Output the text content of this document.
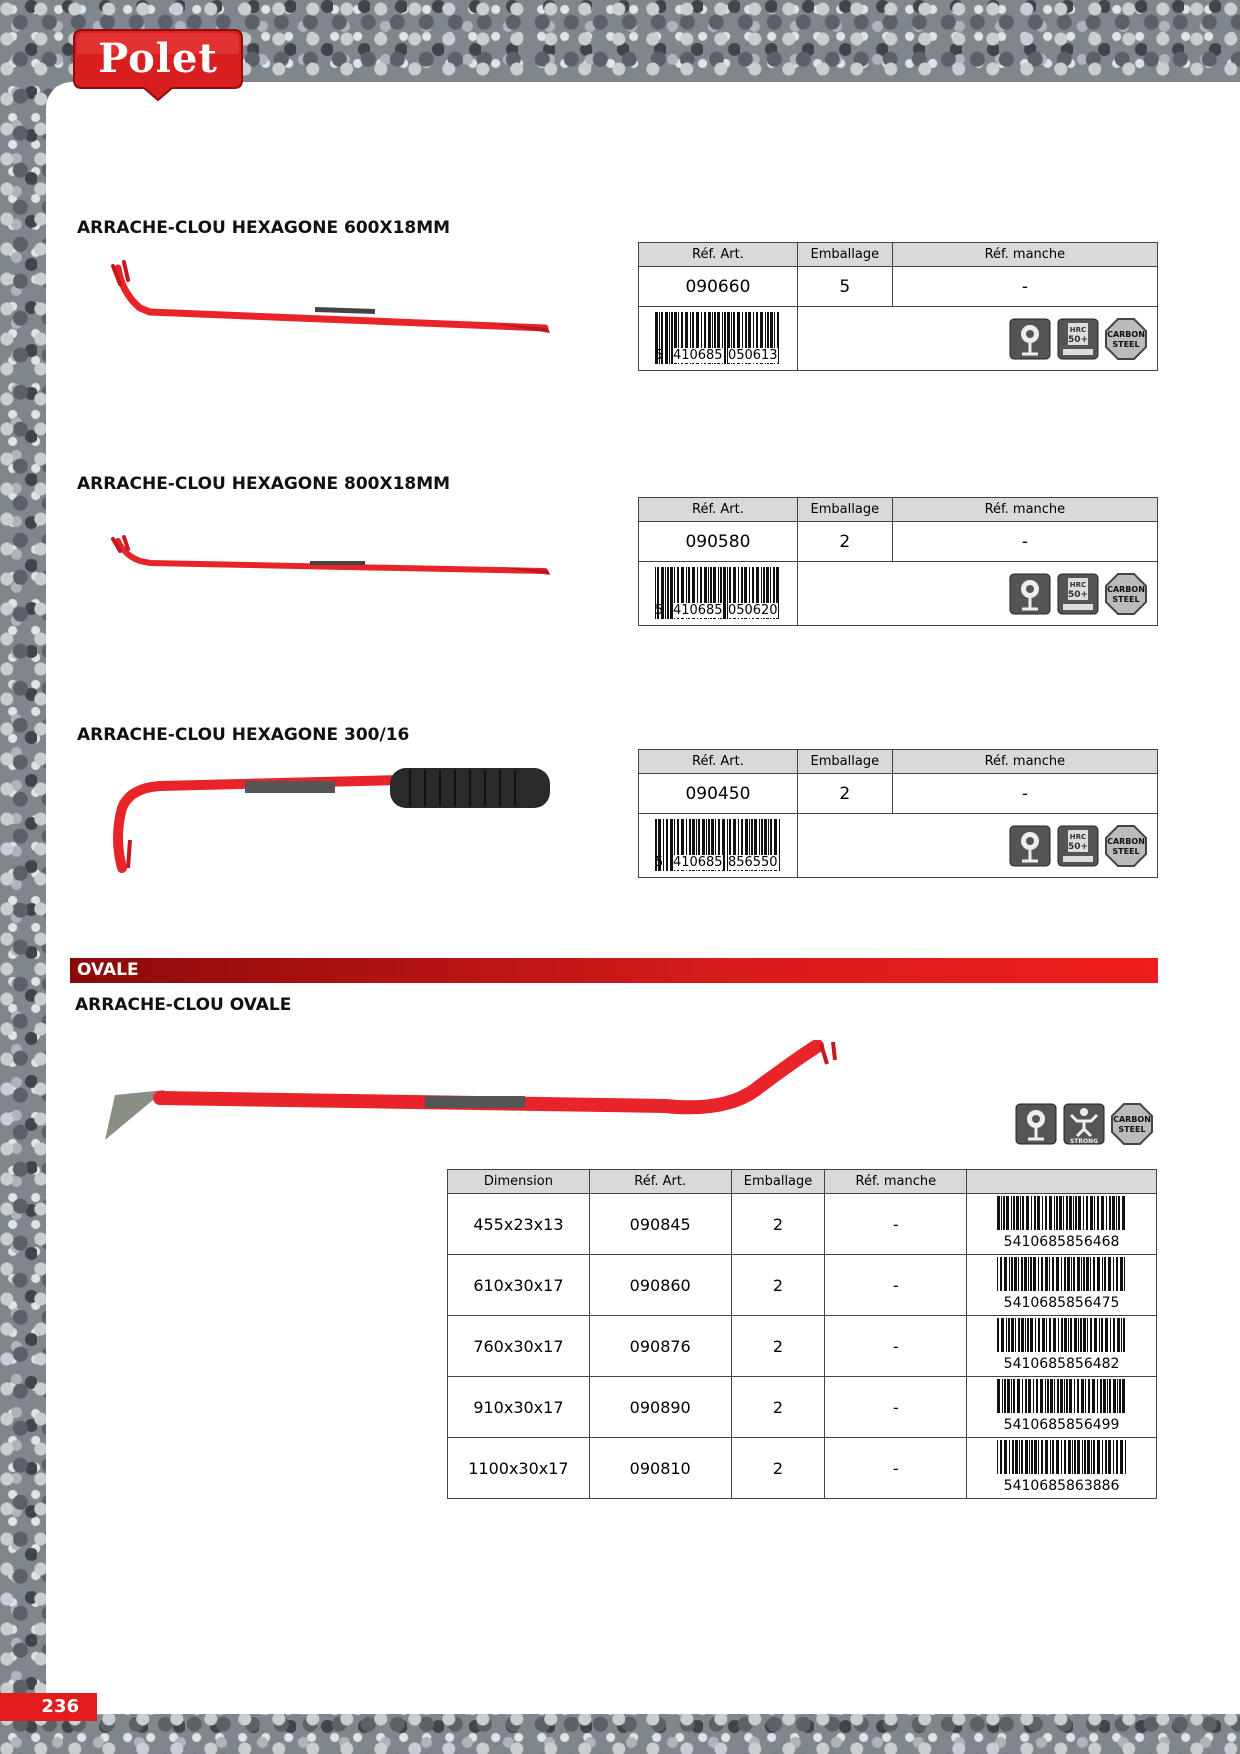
Polet
ARRACHE-CLOU HEXAGONE 600X18MM
Réf. Art.	Emballage	Réf. manche
090660	5	-

5 410685 050613	HRC
50+
CARBON
STEEL	
ARRACHE-CLOU HEXAGONE 800X18MM
Réf. Art.	Emballage	Réf. manche
090580	2	-

5 410685 050620	HRC
50+
CARBON
STEEL	
ARRACHE-CLOU HEXAGONE 300/16
Réf. Art.	Emballage	Réf. manche
090450	2	-

5 410685 856550	HRC
50+
CARBON
STEEL	
OVALE
ARRACHE-CLOU OVALE
STRONG
CARBON
STEEL
Dimension	Réf. Art.	Emballage	Réf. manche	
455x23x13	090845	2	-	5410685856468

610x30x17	090860	2	-	5410685856475

760x30x17	090876	2	-	5410685856482

910x30x17	090890	2	-	5410685856499

1100x30x17	090810	2	-	5410685863886
236
